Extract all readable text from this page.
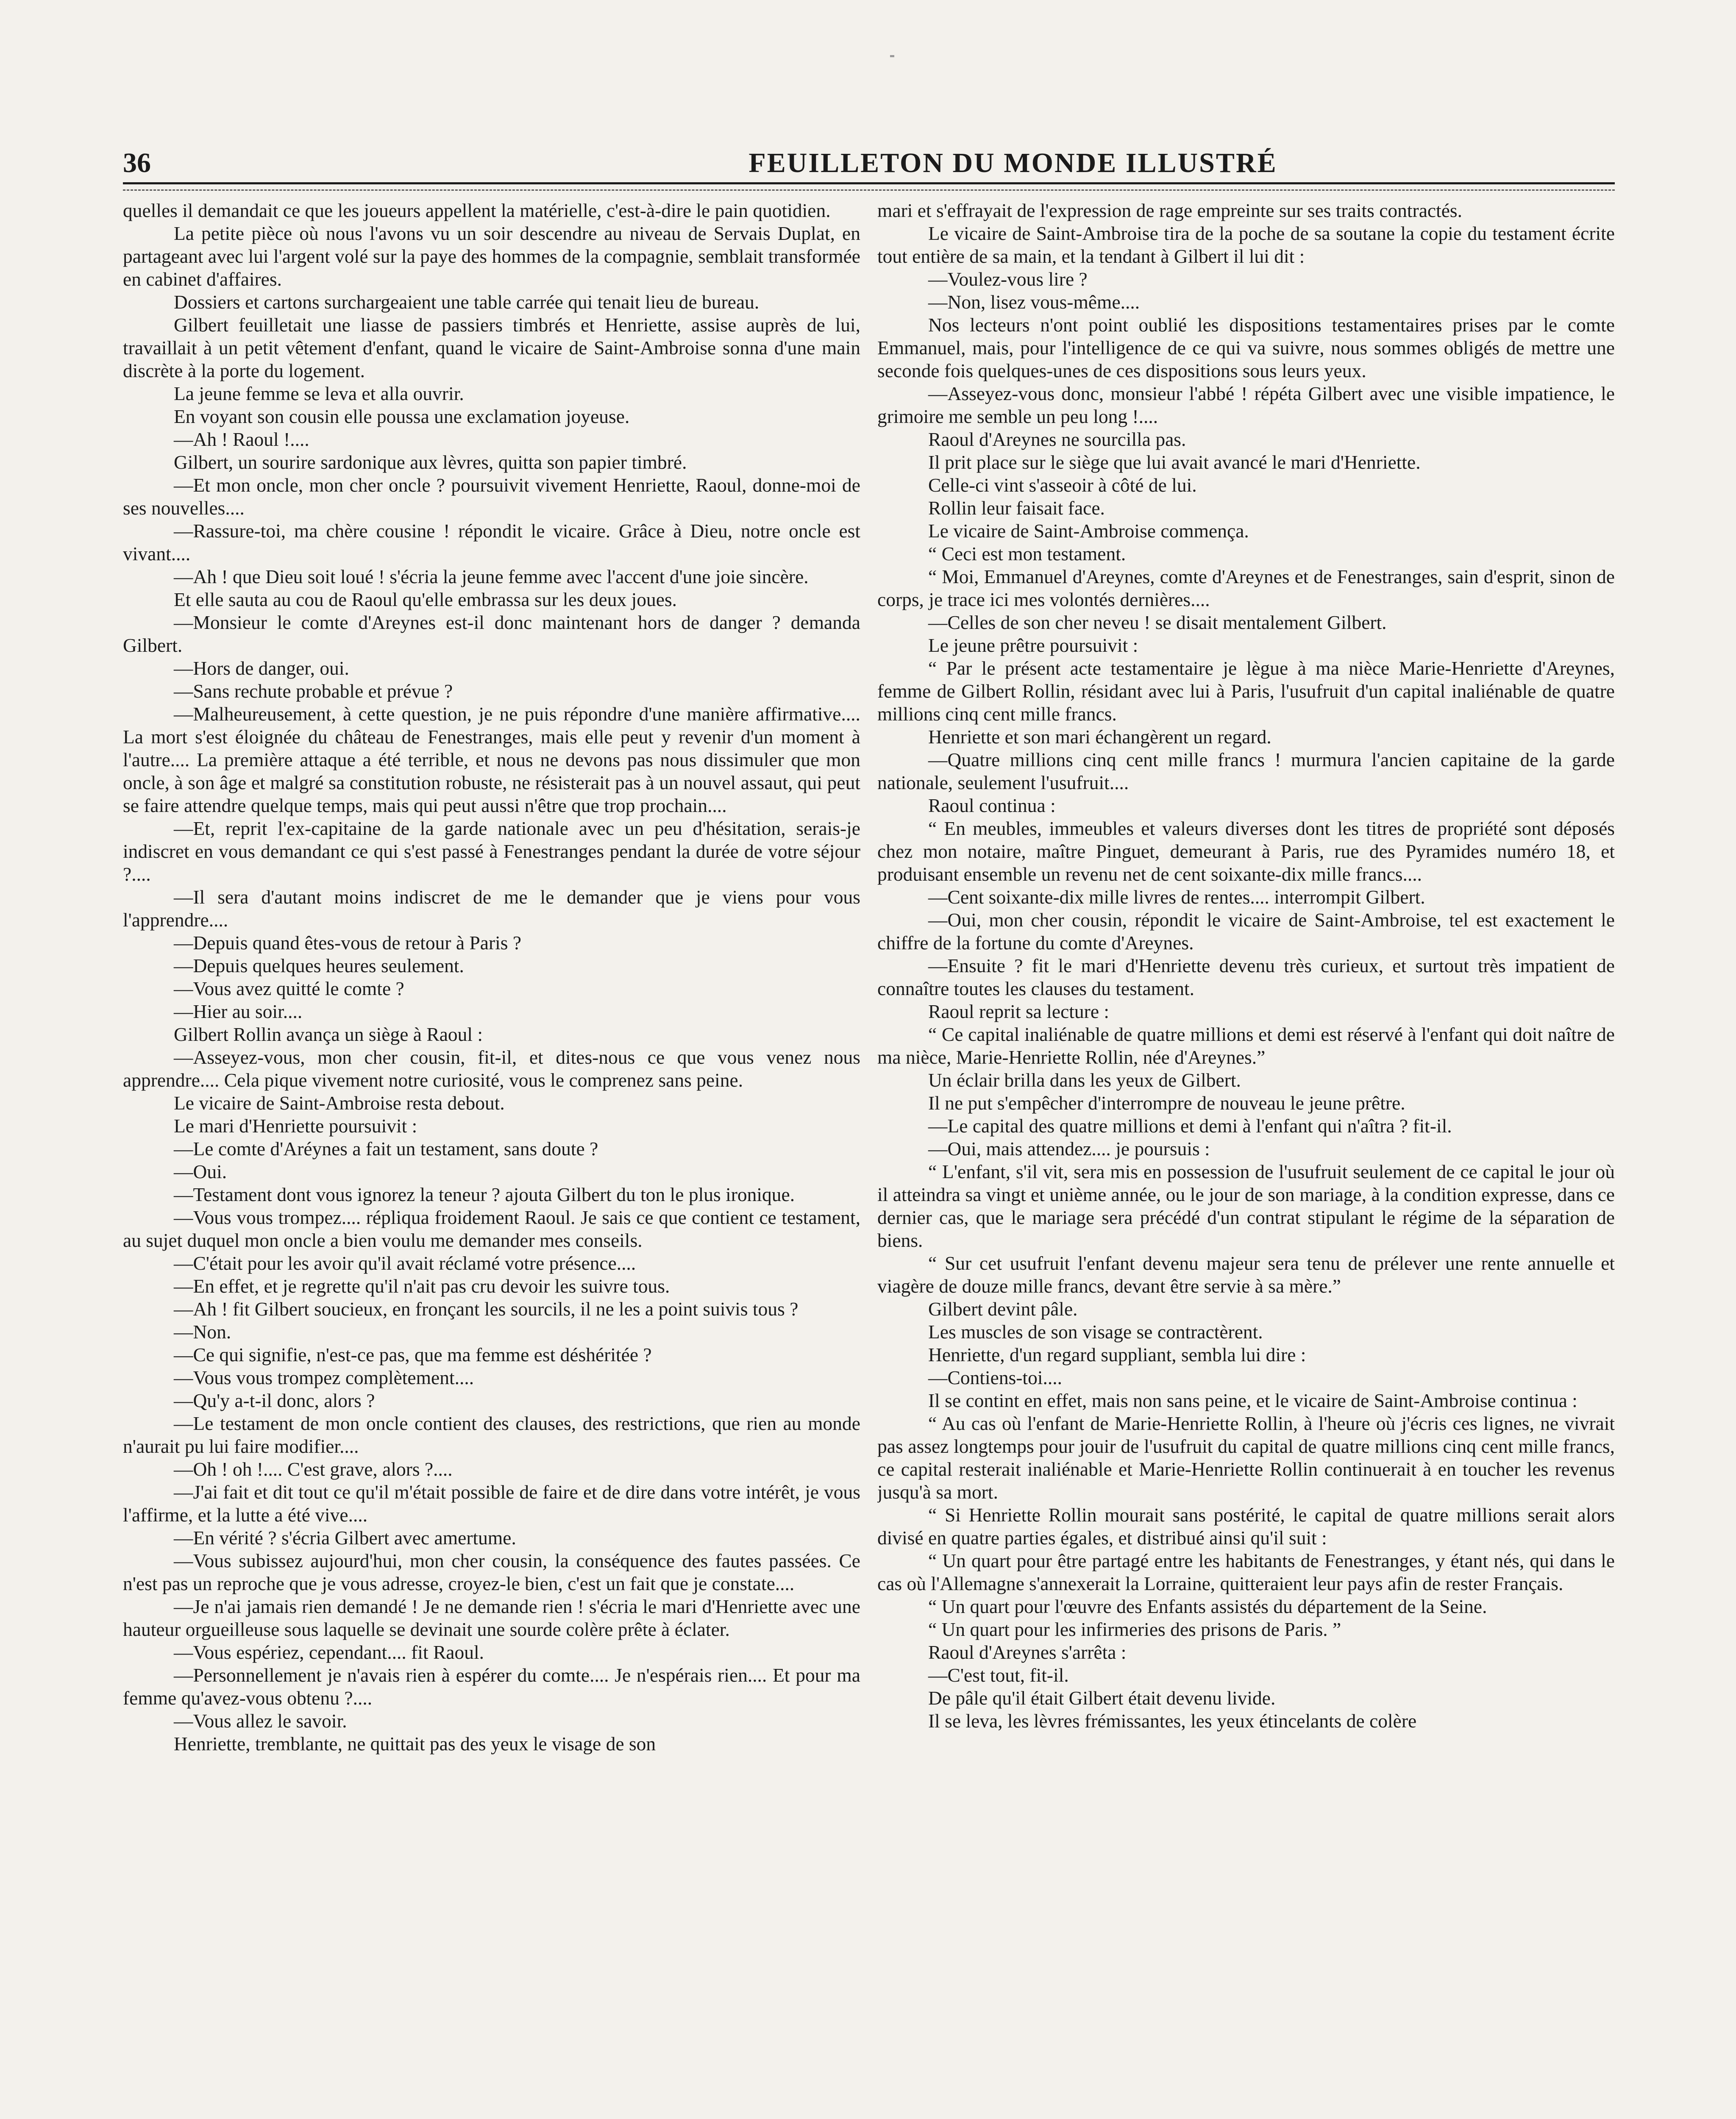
36	FEUILLETON DU MONDE ILLUSTRÉ

quelles il demandait ce que les joueurs appellent la matérielle, c'est-à-dire le pain quotidien.

La petite pièce où nous l'avons vu un soir descendre au niveau de Servais Duplat, en partageant avec lui l'argent volé sur la paye des hommes de la compagnie, semblait transformée en cabinet d'affaires.

Dossiers et cartons surchargeaient une table carrée qui tenait lieu de bureau.

Gilbert feuilletait une liasse de passiers timbrés et Henriette, assise auprès de lui, travaillait à un petit vêtement d'enfant, quand le vicaire de Saint-Ambroise sonna d'une main discrète à la porte du logement.

La jeune femme se leva et alla ouvrir.

En voyant son cousin elle poussa une exclamation joyeuse.

—Ah ! Raoul !....

Gilbert, un sourire sardonique aux lèvres, quitta son papier timbré.

—Et mon oncle, mon cher oncle ? poursuivit vivement Henriette, Raoul, donne-moi de ses nouvelles....

—Rassure-toi, ma chère cousine ! répondit le vicaire. Grâce à Dieu, notre oncle est vivant....

—Ah ! que Dieu soit loué ! s'écria la jeune femme avec l'accent d'une joie sincère.

Et elle sauta au cou de Raoul qu'elle embrassa sur les deux joues.

—Monsieur le comte d'Areynes est-il donc maintenant hors de danger ? demanda Gilbert.

—Hors de danger, oui.

—Sans rechute probable et prévue ?

—Malheureusement, à cette question, je ne puis répondre d'une manière affirmative.... La mort s'est éloignée du château de Fenestranges, mais elle peut y revenir d'un moment à l'autre.... La première attaque a été terrible, et nous ne devons pas nous dissimuler que mon oncle, à son âge et malgré sa constitution robuste, ne résisterait pas à un nouvel assaut, qui peut se faire attendre quelque temps, mais qui peut aussi n'être que trop prochain....

—Et, reprit l'ex-capitaine de la garde nationale avec un peu d'hésitation, serais-je indiscret en vous demandant ce qui s'est passé à Fenestranges pendant la durée de votre séjour ?....

—Il sera d'autant moins indiscret de me le demander que je viens pour vous l'apprendre....

—Depuis quand êtes-vous de retour à Paris ?

—Depuis quelques heures seulement.

—Vous avez quitté le comte ?

—Hier au soir....

Gilbert Rollin avança un siège à Raoul :

—Asseyez-vous, mon cher cousin, fit-il, et dites-nous ce que vous venez nous apprendre.... Cela pique vivement notre curiosité, vous le comprenez sans peine.

Le vicaire de Saint-Ambroise resta debout.

Le mari d'Henriette poursuivit :

—Le comte d'Aréynes a fait un testament, sans doute ?

—Oui.

—Testament dont vous ignorez la teneur ? ajouta Gilbert du ton le plus ironique.

—Vous vous trompez.... répliqua froidement Raoul. Je sais ce que contient ce testament, au sujet duquel mon oncle a bien voulu me demander mes conseils.

—C'était pour les avoir qu'il avait réclamé votre présence....

—En effet, et je regrette qu'il n'ait pas cru devoir les suivre tous.

—Ah ! fit Gilbert soucieux, en fronçant les sourcils, il ne les a point suivis tous ?

—Non.

—Ce qui signifie, n'est-ce pas, que ma femme est déshéritée ?

—Vous vous trompez complètement....

—Qu'y a-t-il donc, alors ?

—Le testament de mon oncle contient des clauses, des restrictions, que rien au monde n'aurait pu lui faire modifier....

—Oh ! oh !.... C'est grave, alors ?....

—J'ai fait et dit tout ce qu'il m'était possible de faire et de dire dans votre intérêt, je vous l'affirme, et la lutte a été vive....

—En vérité ? s'écria Gilbert avec amertume.

—Vous subissez aujourd'hui, mon cher cousin, la conséquence des fautes passées. Ce n'est pas un reproche que je vous adresse, croyez-le bien, c'est un fait que je constate....

—Je n'ai jamais rien demandé ! Je ne demande rien ! s'écria le mari d'Henriette avec une hauteur orgueilleuse sous laquelle se devinait une sourde colère prête à éclater.

—Vous espériez, cependant.... fit Raoul.

—Personnellement je n'avais rien à espérer du comte.... Je n'espérais rien.... Et pour ma femme qu'avez-vous obtenu ?....

—Vous allez le savoir.

Henriette, tremblante, ne quittait pas des yeux le visage de son

mari et s'effrayait de l'expression de rage empreinte sur ses traits contractés.

Le vicaire de Saint-Ambroise tira de la poche de sa soutane la copie du testament écrite tout entière de sa main, et la tendant à Gilbert il lui dit :

—Voulez-vous lire ?

—Non, lisez vous-même....

Nos lecteurs n'ont point oublié les dispositions testamentaires prises par le comte Emmanuel, mais, pour l'intelligence de ce qui va suivre, nous sommes obligés de mettre une seconde fois quelques-unes de ces dispositions sous leurs yeux.

—Asseyez-vous donc, monsieur l'abbé ! répéta Gilbert avec une visible impatience, le grimoire me semble un peu long !....

Raoul d'Areynes ne sourcilla pas.

Il prit place sur le siège que lui avait avancé le mari d'Henriette.

Celle-ci vint s'asseoir à côté de lui.

Rollin leur faisait face.

Le vicaire de Saint-Ambroise commença.

“ Ceci est mon testament.

“ Moi, Emmanuel d'Areynes, comte d'Areynes et de Fenestranges, sain d'esprit, sinon de corps, je trace ici mes volontés dernières....

—Celles de son cher neveu ! se disait mentalement Gilbert.

Le jeune prêtre poursuivit :

“ Par le présent acte testamentaire je lègue à ma nièce Marie-Henriette d'Areynes, femme de Gilbert Rollin, résidant avec lui à Paris, l'usufruit d'un capital inaliénable de quatre millions cinq cent mille francs.

Henriette et son mari échangèrent un regard.

—Quatre millions cinq cent mille francs ! murmura l'ancien capitaine de la garde nationale, seulement l'usufruit....

Raoul continua :

“ En meubles, immeubles et valeurs diverses dont les titres de propriété sont déposés chez mon notaire, maître Pinguet, demeurant à Paris, rue des Pyramides numéro 18, et produisant ensemble un revenu net de cent soixante-dix mille francs....

—Cent soixante-dix mille livres de rentes.... interrompit Gilbert.

—Oui, mon cher cousin, répondit le vicaire de Saint-Ambroise, tel est exactement le chiffre de la fortune du comte d'Areynes.

—Ensuite ? fit le mari d'Henriette devenu très curieux, et surtout très impatient de connaître toutes les clauses du testament.

Raoul reprit sa lecture :

“ Ce capital inaliénable de quatre millions et demi est réservé à l'enfant qui doit naître de ma nièce, Marie-Henriette Rollin, née d'Areynes.”

Un éclair brilla dans les yeux de Gilbert.

Il ne put s'empêcher d'interrompre de nouveau le jeune prêtre.

—Le capital des quatre millions et demi à l'enfant qui n'aîtra ? fit-il.

—Oui, mais attendez.... je poursuis :

“ L'enfant, s'il vit, sera mis en possession de l'usufruit seulement de ce capital le jour où il atteindra sa vingt et unième année, ou le jour de son mariage, à la condition expresse, dans ce dernier cas, que le mariage sera précédé d'un contrat stipulant le régime de la séparation de biens.

“ Sur cet usufruit l'enfant devenu majeur sera tenu de prélever une rente annuelle et viagère de douze mille francs, devant être servie à sa mère.”

Gilbert devint pâle.

Les muscles de son visage se contractèrent.

Henriette, d'un regard suppliant, sembla lui dire :

—Contiens-toi....

Il se contint en effet, mais non sans peine, et le vicaire de Saint-Ambroise continua :

“ Au cas où l'enfant de Marie-Henriette Rollin, à l'heure où j'écris ces lignes, ne vivrait pas assez longtemps pour jouir de l'usufruit du capital de quatre millions cinq cent mille francs, ce capital resterait inaliénable et Marie-Henriette Rollin continuerait à en toucher les revenus jusqu'à sa mort.

“ Si Henriette Rollin mourait sans postérité, le capital de quatre millions serait alors divisé en quatre parties égales, et distribué ainsi qu'il suit :

“ Un quart pour être partagé entre les habitants de Fenestranges, y étant nés, qui dans le cas où l'Allemagne s'annexerait la Lorraine, quitteraient leur pays afin de rester Français.

“ Un quart pour l'œuvre des Enfants assistés du département de la Seine.

“ Un quart pour les infirmeries des prisons de Paris. ”

Raoul d'Areynes s'arrêta :

—C'est tout, fit-il.

De pâle qu'il était Gilbert était devenu livide.

Il se leva, les lèvres frémissantes, les yeux étincelants de colère
